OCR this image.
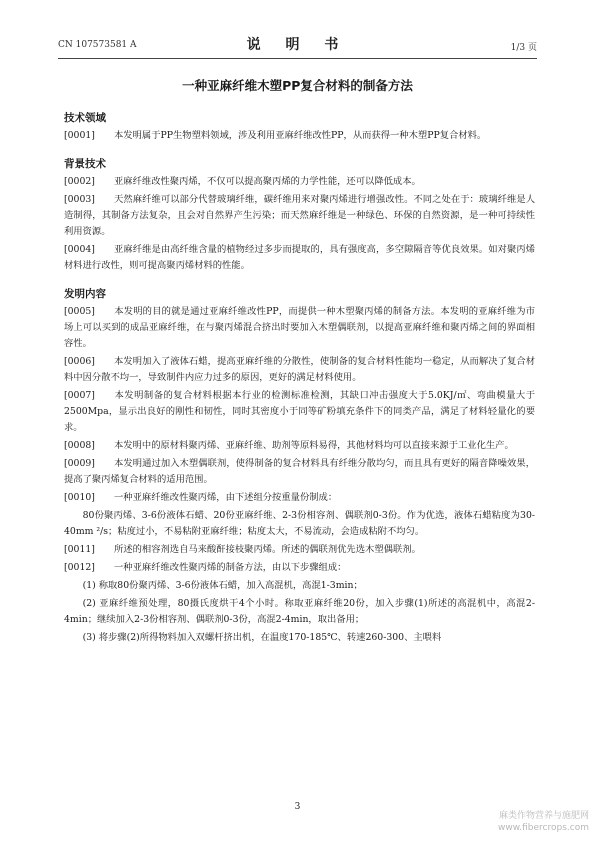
CN 107573581 A	说 明 书	1/3 页
一种亚麻纤维木塑PP复合材料的制备方法
技术领域
[0001] 本发明属于PP生物塑料领域，涉及利用亚麻纤维改性PP，从而获得一种木塑PP复合材料。
背景技术
[0002] 亚麻纤维改性聚丙烯，不仅可以提高聚丙烯的力学性能，还可以降低成本。
[0003] 天然麻纤维可以部分代替玻璃纤维，碳纤维用来对聚丙烯进行增强改性。不同之处在于：玻璃纤维是人造制得，其制备方法复杂，且会对自然界产生污染；而天然麻纤维是一种绿色、环保的自然资源，是一种可持续性利用资源。
[0004] 亚麻纤维是由高纤维含量的植物经过多步而提取的，具有强度高，多空隙隔音等优良效果。如对聚丙烯材料进行改性，则可提高聚丙烯材料的性能。
发明内容
[0005] 本发明的目的就是通过亚麻纤维改性PP，而提供一种木塑聚丙烯的制备方法。本发明的亚麻纤维为市场上可以买到的成品亚麻纤维，在与聚丙烯混合挤出时要加入木塑偶联剂，以提高亚麻纤维和聚丙烯之间的界面相容性。
[0006] 本发明加入了液体石蜡，提高亚麻纤维的分散性，使制备的复合材料性能均一稳定，从而解决了复合材料中因分散不均一，导致制件内应力过多的原因，更好的满足材料使用。
[0007] 本发明制备的复合材料根据本行业的检测标准检测，其缺口冲击强度大于5.0KJ/㎡、弯曲模量大于2500Mpa，显示出良好的刚性和韧性，同时其密度小于同等矿粉填充条件下的同类产品，满足了材料轻量化的要求。
[0008] 本发明中的原材料聚丙烯、亚麻纤维、助剂等原料易得，其他材料均可以直接来源于工业化生产。
[0009] 本发明通过加入木塑偶联剂，使得制备的复合材料具有纤维分散均匀，而且具有更好的隔音降噪效果，提高了聚丙烯复合材料的适用范围。
[0010] 一种亚麻纤维改性聚丙烯，由下述组分按重量份制成：
80份聚丙烯、3-6份液体石蜡、20份亚麻纤维、2-3份相容剂、偶联剂0-3份。作为优选，液体石蜡粘度为30-40mm ²/s；粘度过小，不易粘附亚麻纤维；粘度太大，不易流动，会造成粘附不均匀。
[0011] 所述的相容剂选自马来酸酐接枝聚丙烯。所述的偶联剂优先选木塑偶联剂。
[0012] 一种亚麻纤维改性聚丙烯的制备方法，由以下步骤组成：
(1) 称取80份聚丙烯、3-6份液体石蜡，加入高混机，高混1-3min；
(2) 亚麻纤维预处理，80摄氏度烘干4个小时。称取亚麻纤维20份，加入步骤(1)所述的高混机中，高混2-4min；继续加入2-3份相容剂、偶联剂0-3份，高混2-4min，取出备用；
(3) 将步骤(2)所得物料加入双螺杆挤出机，在温度170-185℃、转速260-300、主喂料
3
麻类作物营养与施肥网
www.fibercrops.com
